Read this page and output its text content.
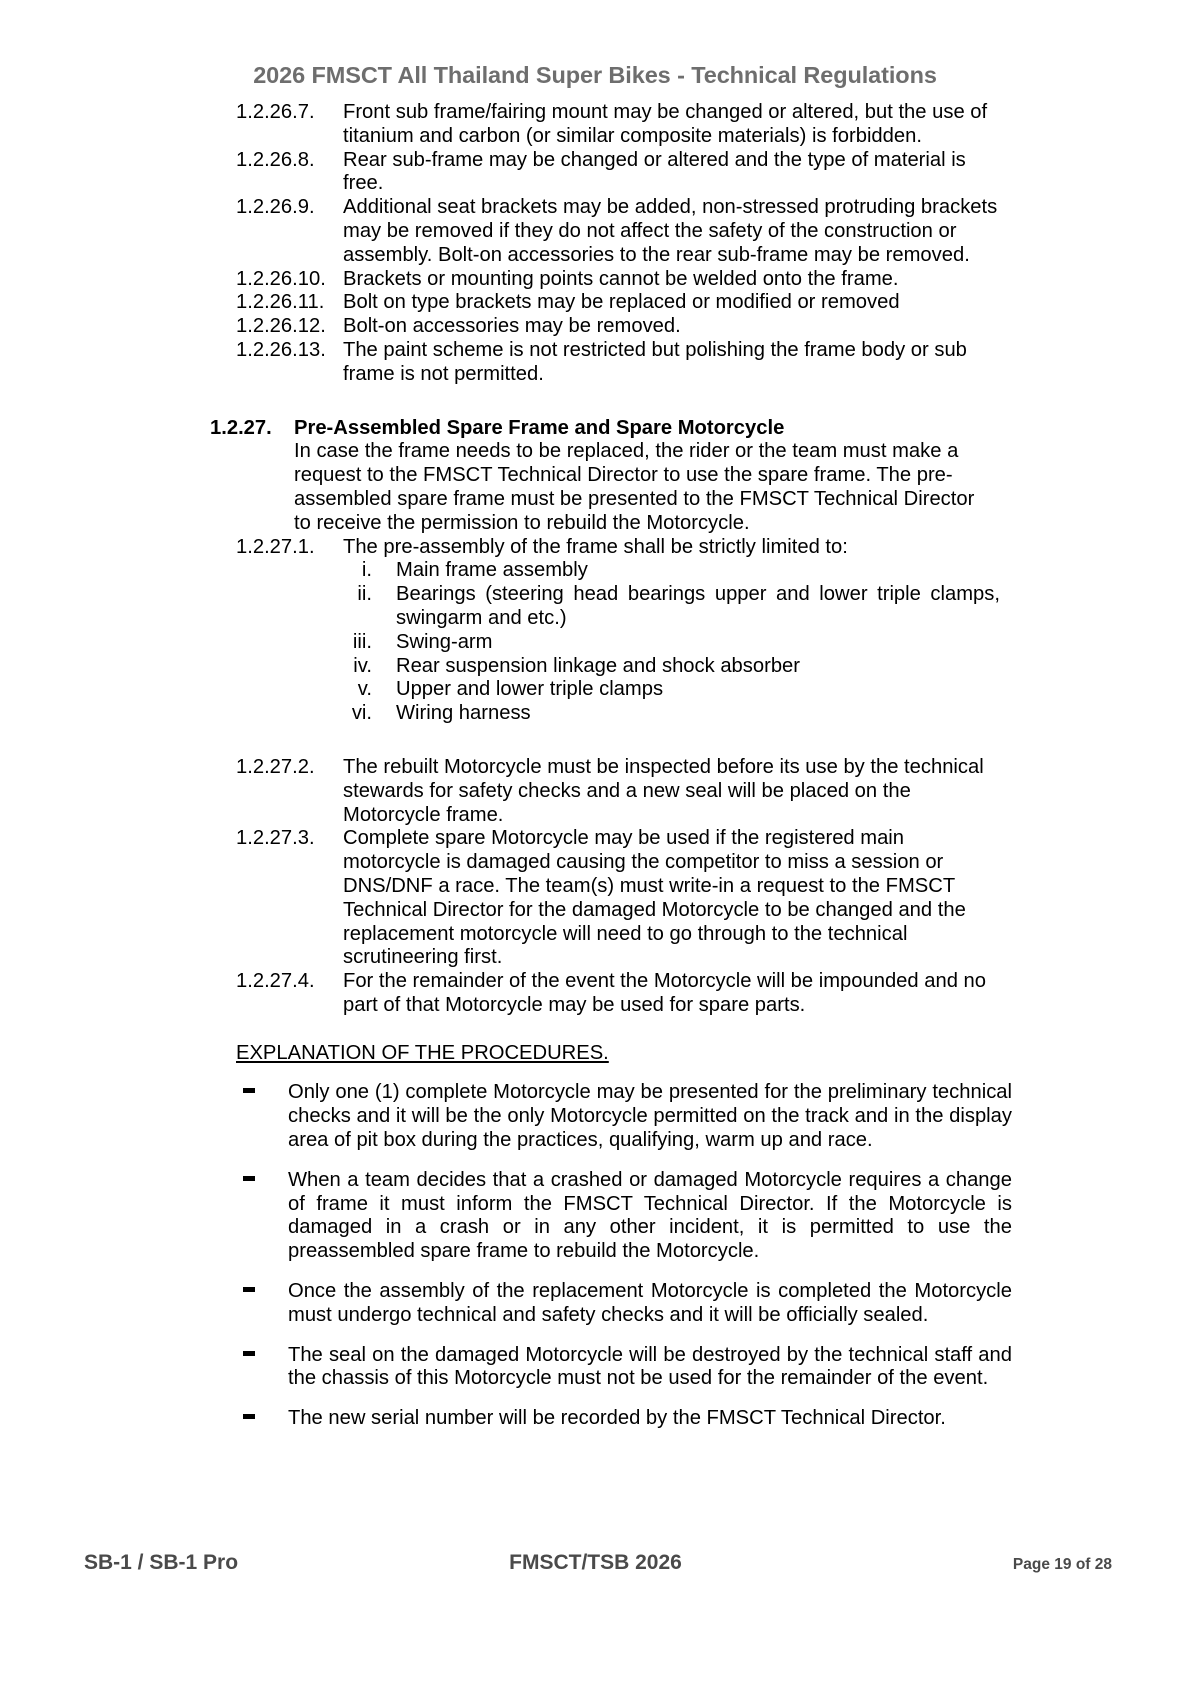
2026 FMSCT All Thailand Super Bikes - Technical Regulations
1.2.26.7.	Front sub frame/fairing mount may be changed or altered, but the use of titanium and carbon (or similar composite materials) is forbidden.
1.2.26.8.	Rear sub-frame may be changed or altered and the type of material is free.
1.2.26.9.	Additional seat brackets may be added, non-stressed protruding brackets may be removed if they do not affect the safety of the construction or assembly. Bolt-on accessories to the rear sub-frame may be removed.
1.2.26.10. Brackets or mounting points cannot be welded onto the frame.
1.2.26.11. Bolt on type brackets may be replaced or modified or removed
1.2.26.12. Bolt-on accessories may be removed.
1.2.26.13. The paint scheme is not restricted but polishing the frame body or sub frame is not permitted.
1.2.27.	Pre-Assembled Spare Frame and Spare Motorcycle
In case the frame needs to be replaced, the rider or the team must make a request to the FMSCT Technical Director to use the spare frame. The pre-assembled spare frame must be presented to the FMSCT Technical Director to receive the permission to rebuild the Motorcycle.
1.2.27.1.	The pre-assembly of the frame shall be strictly limited to:
i.	Main frame assembly
ii.	Bearings (steering head bearings upper and lower triple clamps, swingarm and etc.)
iii.	Swing-arm
iv.	Rear suspension linkage and shock absorber
v.	Upper and lower triple clamps
vi.	Wiring harness
1.2.27.2.	The rebuilt Motorcycle must be inspected before its use by the technical stewards for safety checks and a new seal will be placed on the Motorcycle frame.
1.2.27.3.	Complete spare Motorcycle may be used if the registered main motorcycle is damaged causing the competitor to miss a session or DNS/DNF a race. The team(s) must write-in a request to the FMSCT Technical Director for the damaged Motorcycle to be changed and the replacement motorcycle will need to go through to the technical scrutineering first.
1.2.27.4.	For the remainder of the event the Motorcycle will be impounded and no part of that Motorcycle may be used for spare parts.
EXPLANATION OF THE PROCEDURES.
Only one (1) complete Motorcycle may be presented for the preliminary technical checks and it will be the only Motorcycle permitted on the track and in the display area of pit box during the practices, qualifying, warm up and race.
When a team decides that a crashed or damaged Motorcycle requires a change of frame it must inform the FMSCT Technical Director. If the Motorcycle is damaged in a crash or in any other incident, it is permitted to use the preassembled spare frame to rebuild the Motorcycle.
Once the assembly of the replacement Motorcycle is completed the Motorcycle must undergo technical and safety checks and it will be officially sealed.
The seal on the damaged Motorcycle will be destroyed by the technical staff and the chassis of this Motorcycle must not be used for the remainder of the event.
The new serial number will be recorded by the FMSCT Technical Director.
SB-1 / SB-1 Pro	FMSCT/TSB 2026	Page 19 of 28
